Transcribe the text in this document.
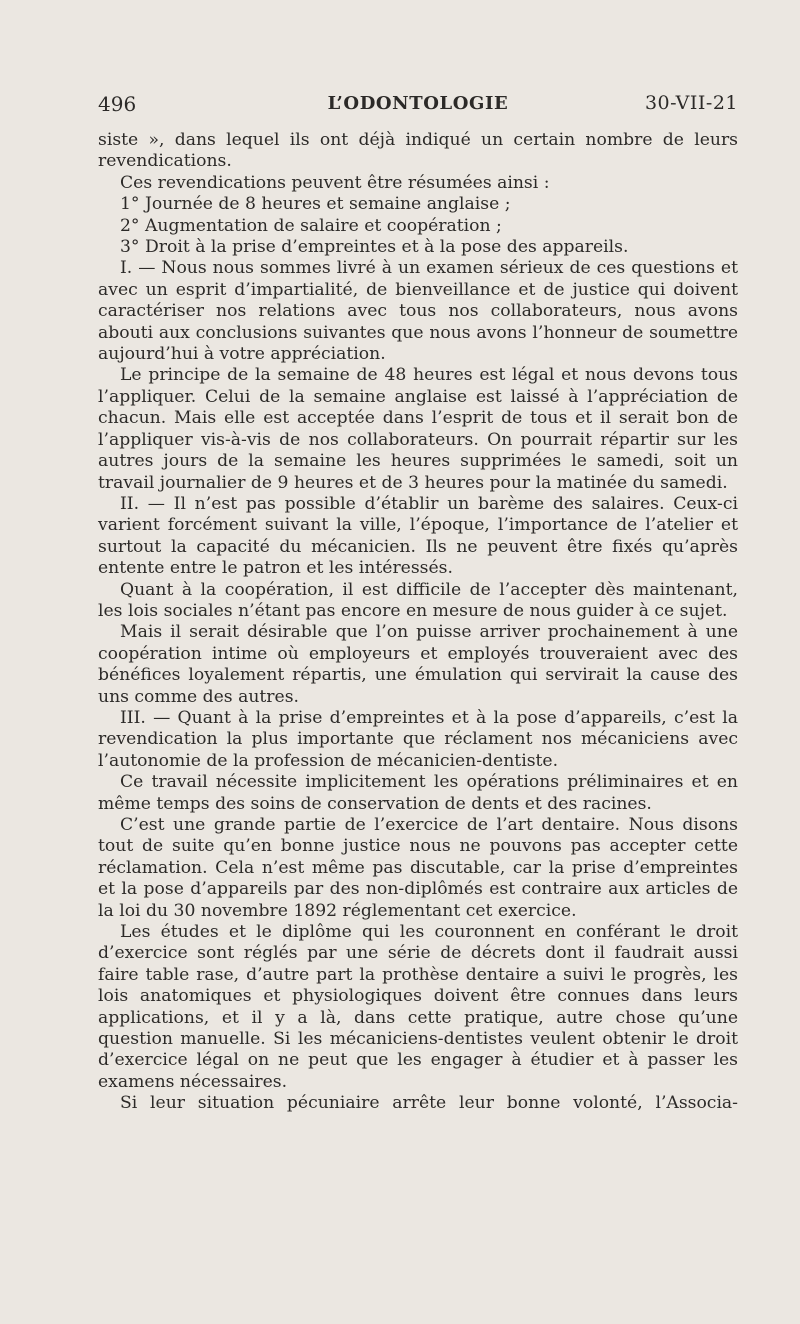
496	L’ODONTOLOGIE	30-VII-21

siste », dans lequel ils ont déjà indiqué un certain nombre de leurs revendications.

Ces revendications peuvent être résumées ainsi :

1° Journée de 8 heures et semaine anglaise ;

2° Augmentation de salaire et coopération ;

3° Droit à la prise d’empreintes et à la pose des appareils.

I. — Nous nous sommes livré à un examen sérieux de ces questions et avec un esprit d’impartialité, de bienveillance et de justice qui doivent caractériser nos relations avec tous nos collaborateurs, nous avons abouti aux conclusions suivantes que nous avons l’honneur de soumettre aujourd’hui à votre appréciation.

Le principe de la semaine de 48 heures est légal et nous devons tous l’appliquer. Celui de la semaine anglaise est laissé à l’appréciation de chacun. Mais elle est acceptée dans l’esprit de tous et il serait bon de l’appliquer vis-à-vis de nos collaborateurs. On pourrait répartir sur les autres jours de la semaine les heures supprimées le samedi, soit un travail journalier de 9 heures et de 3 heures pour la matinée du samedi.

II. — Il n’est pas possible d’établir un barème des salaires. Ceux-ci varient forcément suivant la ville, l’époque, l’importance de l’atelier et surtout la capacité du mécanicien. Ils ne peuvent être fixés qu’après entente entre le patron et les intéressés.

Quant à la coopération, il est difficile de l’accepter dès maintenant, les lois sociales n’étant pas encore en mesure de nous guider à ce sujet.

Mais il serait désirable que l’on puisse arriver prochainement à une coopération intime où employeurs et employés trouveraient avec des bénéfices loyalement répartis, une émulation qui servirait la cause des uns comme des autres.

III. — Quant à la prise d’empreintes et à la pose d’appareils, c’est la revendication la plus importante que réclament nos mécaniciens avec l’autonomie de la profession de mécanicien-dentiste.

Ce travail nécessite implicitement les opérations préliminaires et en même temps des soins de conservation de dents et des racines.

C’est une grande partie de l’exercice de l’art dentaire. Nous disons tout de suite qu’en bonne justice nous ne pouvons pas accepter cette réclamation. Cela n’est même pas discutable, car la prise d’empreintes et la pose d’appareils par des non-diplômés est contraire aux articles de la loi du 30 novembre 1892 réglementant cet exercice.

Les études et le diplôme qui les couronnent en conférant le droit d’exercice sont réglés par une série de décrets dont il faudrait aussi faire table rase, d’autre part la prothèse dentaire a suivi le progrès, les lois anatomiques et physiologiques doivent être connues dans leurs applications, et il y a là, dans cette pratique, autre chose qu’une question manuelle. Si les mécaniciens-dentistes veulent obtenir le droit d’exercice légal on ne peut que les engager à étudier et à passer les examens nécessaires.

Si leur situation pécuniaire arrête leur bonne volonté, l’Associa-
